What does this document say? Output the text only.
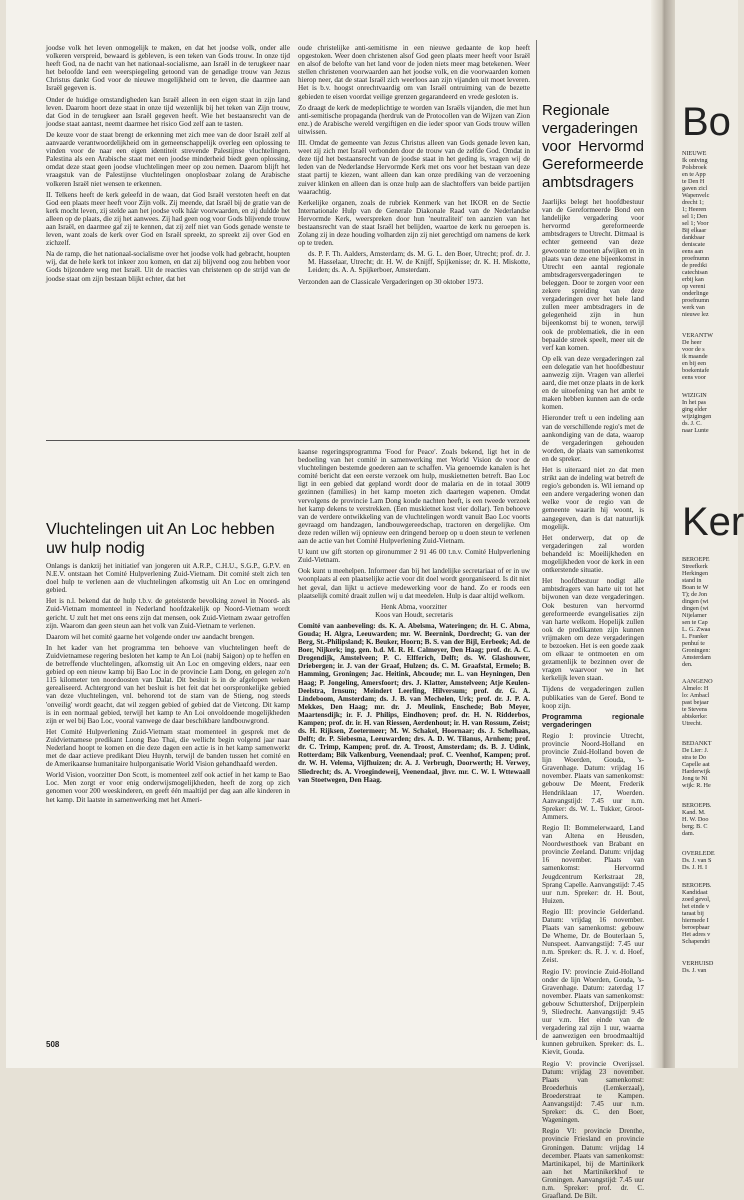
joodse volk het leven onmogelijk te maken, en dat het joodse volk, onder alle volkeren verspreid, bewaard is gebleven, is een teken van Gods trouw. In onze tijd heeft God, na de nacht van het nationaal-socialisme, aan Israël in de terugkeer naar het beloofde land een weerspiegeling getoond van de genadige trouw van Jezus Christus dankt God voor de nieuwe mogelijkheid om te leven, die daarmee aan Israël gegeven is.

Onder de huidige omstandigheden kan Israël alleen in een eigen staat in zijn land leven. Daarom hoort deze staat in onze tijd wezenlijk bij het teken van Zijn trouw, dat God in de terugkeer aan Israël gegeven heeft. Wie het bestaansrecht van de joodse staat aantast, neemt daarmee het risico God zelf aan te tasten.

De keuze voor de staat brengt de erkenning met zich mee van de door Israël zelf al aanvaarde verantwoordelijkheid om in gemeenschappelijk overleg een oplossing te vinden voor de naar een eigen identiteit strevende Palestijnse vluchtelingen. Palestina als een Arabische staat met een joodse minderheid biedt geen oplossing, omdat deze staat geen joodse vluchtelingen meer op zou nemen. Daarom blijft het vraagstuk van de Palestijnse vluchtelingen onoplosbaar zolang de Arabische volkeren Israël niet wensen te erkennen.

II. Telkens heeft de kerk geleefd in de waan, dat God Israël verstoten heeft en dat God een plaats meer heeft voor Zijn volk. Zij meende, dat Israël bij de gratie van de kerk mocht leven, zij stelde aan het joodse volk háár voorwaarden, en zij duldde het alleen op de plaats, die zij het aanwees. Zij had geen oog voor Gods blijvende trouw aan Israël, en daarmee gaf zij te kennen, dat zij zelf niet van Gods genade wenste te leven, want zoals de kerk over God en Israël spreekt, zo spreekt zij over God en zichzelf.

Na de ramp, die het nationaal-socialisme over het joodse volk had gebracht, houpten wij, dat de hele kerk tot inkeer zou komen, en dat zij blijvend oog zou hebben voor Gods bijzondere weg met Israël. Uit de reacties van christenen op de strijd van de joodse staat om zijn bestaan blijkt echter, dat het

oude christelijke anti-semitisme in een nieuwe gedaante de kop heeft opgestoken. Weer doen christenen alsof God geen plaats meer heeft voor Israël en alsof de belofte van het land voor de joden niets meer mag betekenen. Weer stellen christenen voorwaarden aan het joodse volk, en die voorwaarden komen hierop neer, dat de staat Israël zich weerloos aan zijn vijanden uit moet leveren. Het is b.v. hoogst onrechtvaardig om van Israël ontruiming van de bezette gebieden te eisen voordat veilige grenzen gegarandeerd en vrede gesloten is.

Zo draagt de kerk de medeplichtige te worden van Israëls vijanden, die met hun anti-semitische propaganda (herdruk van de Protocollen van de Wijzen van Zion enz.) de Arabische wereld vergiftigen en die ieder spoor van Gods trouw willen uitwissen.

III. Omdat de gemeente van Jezus Christus alleen van Gods genade leven kan, weet zij zich met Israël verbonden door de trouw van de zelfde God. Omdat in deze tijd het bestaansrecht van de joodse staat in het geding is, vragen wij de leden van de Nederlandse Hervormde Kerk met ons voor het bestaan van deze staat partij te kiezen, want alleen dan kan onze prediking van de verzoening zuiver klinken en alleen dan is onze hulp aan de slachtoffers van beide partijen waarachtig.

Kerkelijke organen, zoals de rubriek Kenmerk van het IKOR en de Sectie Internationale Hulp van de Generale Diakonale Raad van de Nederlandse Hervormde Kerk, weerspreken door hun 'neutraliteit' ten aanzien van het bestaansrecht van de staat Israël het belijden, waartoe de kerk nu geroepen is. Zolang zij in deze houding volharden zijn zij niet gerechtigd om namens de kerk op te treden.

ds. P. F. Th. Aalders, Amsterdam; ds. M. G. L. den Boer, Utrecht; prof. dr. J. M. Hasselaar, Utrecht; dr. H. W. de Knijff, Spijkenisse; dr. K. H. Miskotte, Leiden; ds. A. A. Spijkerboer, Amsterdam.

Verzonden aan de Classicale Vergaderingen op 30 oktober 1973.

Vluchtelingen uit An Loc hebben uw hulp nodig

Onlangs is dankzij het initiatief van jongeren uit A.R.P., C.H.U., S.G.P., G.P.V. en N.E.V. ontstaan het Comité Hulpverlening Zuid-Vietnam. Dit comité stelt zich ten doel hulp te verlenen aan de vluchtelingen afkomstig uit An Loc en omringend gebied.

Het is n.l. bekend dat de hulp t.b.v. de geteisterde bevolking zowel in Noord- als Zuid-Vietnam momenteel in Nederland hoofdzakelijk op Noord-Vietnam wordt gericht. U zult het met ons eens zijn dat mensen, ook Zuid-Vietnam zwaar getroffen zijn. Waarom dan geen steun aan het volk van Zuid-Vietnam te verlenen.

Daarom wil het comité gaarne het volgende onder uw aandacht brengen.

In het kader van het programma ten behoeve van vluchtelingen heeft de Zuidvietnamese regering besloten het kamp te An Loi (nabij Saigon) op te heffen en de betreffende vluchtelingen, afkomstig uit An Loc en omgeving elders, naar een gebied op een nieuw kamp bij Bao Loc in de provincie Lam Dong, en gelegen zo'n 115 kilometer ten noordoosten van Dalat. Dit besluit is in de afgelopen weken gerealiseerd. Achtergrond van het besluit is het feit dat het oorspronkelijke gebied van deze vluchtelingen, vnl. behorend tot de stam van de Stieng, nog steeds 'onveilig' wordt geacht, dat wil zeggen gebied of gebied dat de Vietcong. Dit kamp is in een normaal gebied, terwijl het kamp te An Loi onvoldoende mogelijkheden zijn er wel bij Bao Loc, vooral vanwege de daar beschikbare landbouwgrond.

Het Comité Hulpverlening Zuid-Vietnam staat momenteel in gesprek met de Zuidvietnamese predikant Luong Bao Thai, die wellicht begin volgend jaar naar Nederland hoopt te komen en die deze dagen een actie is in het kamp samenwerkt met de daar actieve predikant Dieu Huynh, terwijl de banden tussen het comité en de Amerikaanse humanitaire hulporganisatie World Vision gehandhaafd werden.

World Vision, voorzitter Don Scott, is momenteel zelf ook actief in het kamp te Bao Loc. Men zorgt er voor enig onderwijsmogelijkheden, heeft de zorg op zich genomen voor 200 weeskinderen, en geeft één maaltijd per dag aan alle kinderen in het kamp. Dit laatste in samenwerking met het Ameri-

kaanse regeringsprogramma 'Food for Peace'. Zoals bekend, ligt het in de bedoeling van het comité in samenwerking met World Vision de voor de vluchtelingen bestemde goederen aan te schaffen. Via genoemde kanalen is het comité bericht dat een eerste verzoek om hulp, muskietnetten betreft. Bao Loc ligt in een gebied dat gepland wordt door de malaria en de in totaal 3009 gezinnen (families) in het kamp moeten zich daartegen wapenen. Omdat vervolgens de provincie Lam Dong koude nachten heeft, is een tweede verzoek het kamp dekens te verstrekken. (Een muskietnet kost vier dollar). Ten behoeve van de verdere ontwikkeling van de vluchtelingen wordt vanuit Bao Loc voorts gevraagd om handzagen, landbouwgereedschap, tractoren en dergelijke. Om deze reden willen wij opnieuw een dringend beroep op u doen steun te verlenen aan de actie van het Comité Hulpverlening Zuid-Vietnam.

U kunt uw gift storten op gironummer 2 91 46 00 t.n.v. Comité Hulpverlening Zuid-Vietnam.

Ook kunt u meehelpen. Informeer dan bij het landelijke secretariaat of er in uw woonplaats al een plaatselijke actie voor dit doel wordt georganiseerd. Is dit niet het geval, dan lijkt u actieve medewerking voor de hand. Zo er roods een plaatselijk comité draait zullen wij u dat meedelen. Hulp is daar altijd welkom.

Henk Abma, voorzitter

Koos van Houdt, secretaris

Comité van aanbeveling: ds. K. A. Abelsma, Wateringen; dr. H. C. Abma, Gouda; H. Algra, Leeuwarden; mr. W. Beernink, Dordrecht; G. van der Berg, St.-Philipsland; K. Beuker, Hoorn; B. S. van der Bijl, Eerbeek; Ad. de Boer, Nijkerk; ing. gen. b.d. M. R. H. Calmeyer, Den Haag; prof. dr. A. C. Drogendijk, Amstelveen; P. C. Elfferich, Delft; ds. W. Glashouwer, Driebergen; ir. J. van der Graaf, Hulzen; ds. C. M. Graafstal, Ermelo; B. Hamming, Groningen; Jac. Heitink, Abcoude; mr. L. van Heyningen, Den Haag; P. Jongeling, Amersfoort; drs. J. Klatter, Amstelveen; Atje Keulen-Deelstra, Irnsum; Meindert Leerling, Hilversum; prof. dr. G. A. Lindeboom, Amsterdam; ds. J. B. van Mechelen, Urk; prof. dr. J. P. A. Mekkes, Den Haag; mr. dr. J. Meulink, Enschede; Bob Meyer, Maartensdijk; ir. F. J. Philips, Eindhoven; prof. dr. H. N. Ridderbos, Kampen; prof. dr. ir. H. van Riessen, Aerdenhout; ir. H. van Rossum, Zeist; ds. H. Rijksen, Zoetermeer; M. W. Schakel, Hoornaar; ds. J. Schelhaas, Delft; dr. P. Siebesma, Leeuwarden; drs. A. D. W. Tilanus, Arnhem; prof. dr. C. Trimp, Kampen; prof. dr. A. Troost, Amsterdam; ds. B. J. Udink, Rotterdam; Bik Valkenburg, Veenendaal; prof. C. Veenhof, Kampen; prof. dr. W. H. Velema, Vijfhuizen; dr. A. J. Verbrugh, Doorwerth; H. Verwey, Sliedrecht; ds. A. Vroegindeweij, Veenendaal, jhvr. mr. C. W. I. Wttewaall van Stoetwegen, Den Haag.

Regionale vergaderingen voor Hervormd Gereformeerde ambtsdragers

Jaarlijks belegt het hoofdbestuur van de Gereformeerde Bond een landelijke vergadering voor hervormd gereformeerde ambtsdragers te Utrecht. Ditmaal is echter gemeend van deze gewoonte te moeten afwijken en in plaats van deze ene bijeenkomst in Utrecht een aantal regionale ambtsdragersvergaderingen te beleggen. Door te zorgen voor een zekere spreiding van deze vergaderingen over het hele land zullen meer ambtsdragers in de gelegenheid zijn in hun bijeenkomst bij te wonen, terwijl ook de problematiek, die in een bepaalde streek speelt, meer uit de verf kan komen.

Op elk van deze vergaderingen zal een delegatie van het hoofdbestuur aanwezig zijn. Vragen van allerlei aard, die met onze plaats in de kerk en de uitoefening van het ambt te maken hebben kunnen aan de orde komen.

Hieronder treft u een indeling aan van de verschillende regio's met de aankondiging van de data, waarop de vergaderingen gehouden worden, de plaats van samenkomst en de spreker.

Het is uiteraard niet zo dat men strikt aan de indeling wat betreft de regio's gebonden is. Wil iemand op een andere vergadering wonen dan welke voor de regio van de gemeente waarin hij woont, is aangegeven, dan is dat natuurlijk mogelijk.

Het onderwerp, dat op de vergaderingen zal worden behandeld is: Moeilijkheden en mogelijkheden voor de kerk in een ontkerstende situatie.

Het hoofdbestuur nodigt alle ambtsdragers van harte uit tot het bijwonen van deze vergaderingen. Ook besturen van hervormd gereformeerde evangelisaties zijn van harte welkom. Hopelijk zullen ook de predikanten zijn kunnen vrijmaken om deze vergaderingen te bezoeken. Het is een goede zaak om elkaar te ontmoeten en om gezamenlijk te bezinnen over de vragen waarvoor we in het kerkelijk leven staan.

Tijdens de vergaderingen zullen publikaties van de Geref. Bond te koop zijn.

Programma regionale vergaderingen

Regio I: provincie Utrecht, provincie Noord-Holland en provincie Zuid-Holland boven de lijn Woerden, Gouda, 's-Gravenhage. Datum: vrijdag 16 november. Plaats van samenkomst: gebouw De Meent, Frederik Hendriklaan 17, Woerden. Aanvangstijd: 7.45 uur n.m. Spreker: ds. W. L. Tukker, Groot-Ammers.

Regio II: Bommelerwaard, Land van Altena en Heusden, Noordwesthoek van Brabant en provincie Zeeland. Datum: vrijdag 16 november. Plaats van samenkomst: Hervormd Jeugdcentrum Kerkstraat 28, Sprang Capelle. Aanvangstijd: 7.45 uur n.m. Spreker: dr. H. Bout, Huizen.

Regio III: provincie Gelderland. Datum: vrijdag 16 november. Plaats van samenkomst: gebouw De Wheme, Dr. de Bouterlaan 5, Nunspeet. Aanvangstijd: 7.45 uur n.m. Spreker: ds. R. J. v. d. Hoef, Zeist.

Regio IV: provincie Zuid-Holland onder de lijn Woerden, Gouda, 's-Gravenhage. Datum: zaterdag 17 november. Plaats van samenkomst: gebouw Schuttershof, Drijperplein 9, Sliedrecht. Aanvangstijd: 9.45 uur v.m. Het einde van de vergadering zal zijn 1 uur, waarna de aanwezigen een broodmaaltijd kunnen gebruiken. Spreker: ds. L. Kievit, Gouda.

Regio V: provincie Overijssel. Datum: vrijdag 23 november. Plaats van samenkomst: Broederhuis (Lemkerzaal), Broederstraat te Kampen. Aanvangstijd: 7.45 uur n.m. Spreker: ds. C. den Boer, Wageningen.

Regio VI: provincie Drenthe, provincie Friesland en provincie Groningen. Datum: vrijdag 14 december. Plaats van samenkomst: Martinikapel, bij de Martinikerk aan het Martinikerkhof te Groningen. Aanvangstijd: 7.45 uur n.m. Spreker: prof. dr. C. Graafland. De Bilt.

508
Bo
NIEUWE
Ik ontving
Polsbroek
en te App
te Den H
gaven zicl
Wapenvelc
drecht 1;
1; Heeren
sel 1; Den
sel 1; Voor
Bij elkaar
dankbaar
deniscate
eens aan
proefnumn
de prediki
catechisan
erbij kan
op vereni
onderlinge
proefnumn
werk van
nieuwe lez
VERANTW
De heer
voor de s
ik maande
en bij een
boekentafe
eens voor
WIZIGIN
In het pas
ging elder
wijzigingen
ds. J. C.
naar Lunte
Ker
BEROEPE
Streefkerk
Herkingen
stand in
Boan te W
T); de Jon
dingen (wi
dingen (wi
Nijelamer
sen te Cap
L. G. Zwaa
L. Franker
penhuí te
Groningen:
Amsterdam
den.
AANGENO
Almelo: H
lo: Ambacl
past bejaar
te Stevens
abtskerke:
Utrecht.
BEDANKT
De Lier: J.
stra te Do
Capelle aat
Harderwijk
Jong te Ni
wijk: R. He
BEROEPB.
Kand. M.
H. W. Doo
berg; B. C
dam.
OVERLEDE
Ds. J. van S
Ds. J. H. I
BEROEPB.
Kandidaat
zoed gevol,
het einde v
taraat bij
hiermede I
beroepbaar
Het adres v
Schapendri
VERHUISD
Ds. J. van
